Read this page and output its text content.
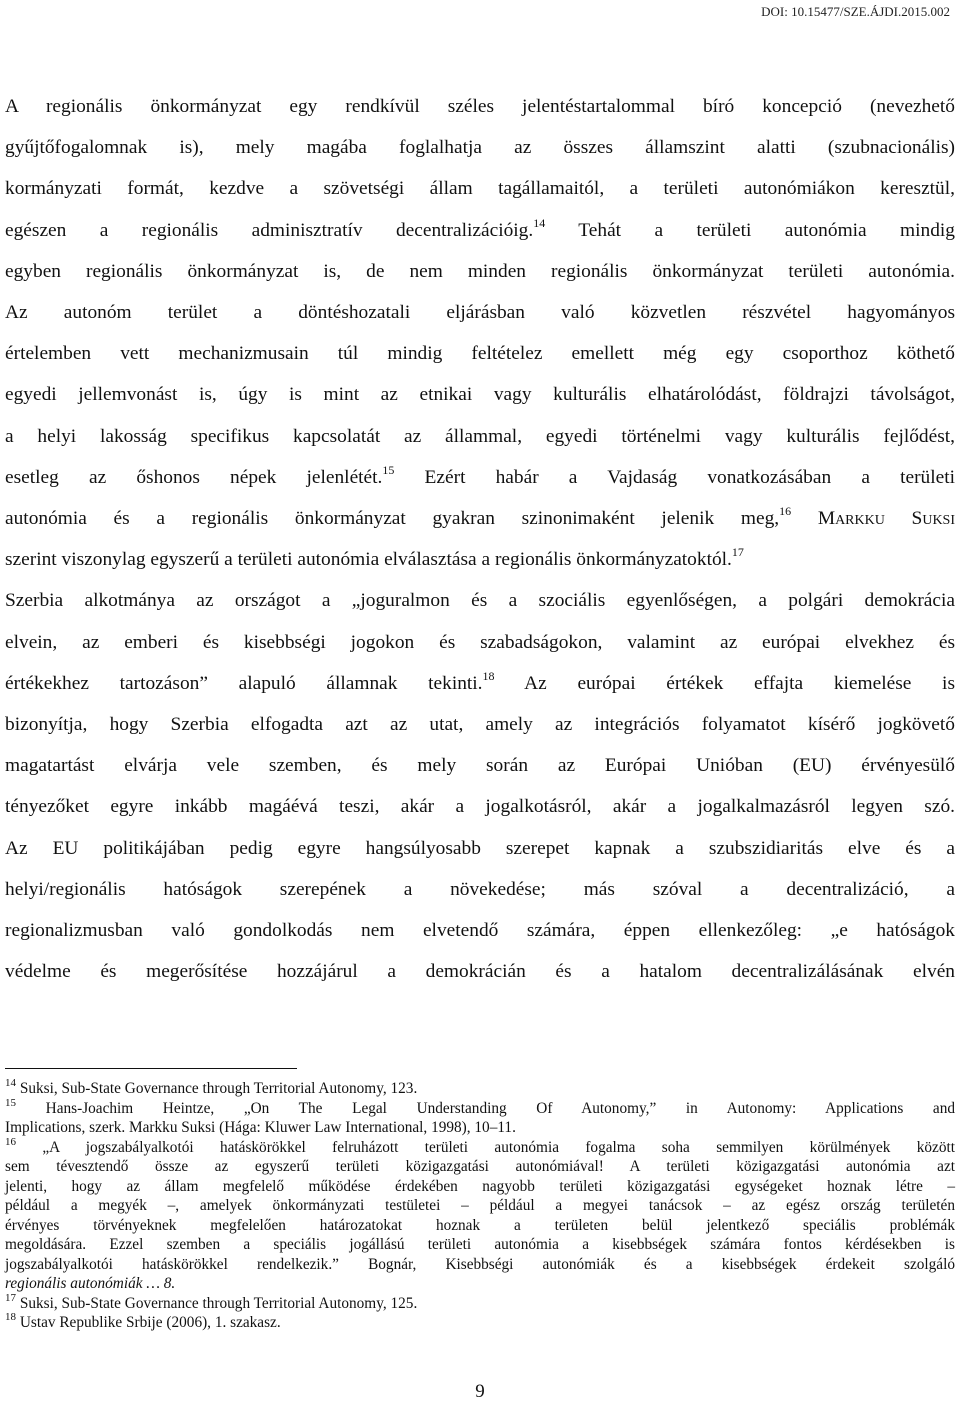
DOI: 10.15477/SZE.ÁJDI.2015.002

A regionális önkormányzat egy rendkívül széles jelentéstartalommal bíró koncepció (nevezhető
gyűjtőfogalomnak is), mely magába foglalhatja az összes államszint alatti (szubnacionális)
kormányzati formát, kezdve a szövetségi állam tagállamaitól, a területi autonómiákon keresztül,
egészen a regionális adminisztratív decentralizációig.$^{14}$ Tehát a területi autonómia mindig
egyben regionális önkormányzat is, de nem minden regionális önkormányzat területi autonómia.
Az autonóm terület a döntéshozatali eljárásban való közvetlen részvétel hagyományos
értelemben vett mechanizmusain túl mindig feltételez emellett még egy csoporthoz köthető
egyedi jellemvonást is, úgy is mint az etnikai vagy kulturális elhatárolódást, földrajzi távolságot,
a helyi lakosság specifikus kapcsolatát az állammal, egyedi történelmi vagy kulturális fejlődést,
esetleg az őshonos népek jelenlétét.$^{15}$ Ezért habár a Vajdaság vonatkozásában a területi
autonómia és a regionális önkormányzat gyakran szinonimaként jelenik meg,$^{16}$ Markku Suksi
szerint viszonylag egyszerű a területi autonómia elválasztása a regionális önkormányzatoktól.$^{17}$

Szerbia alkotmánya az országot a „joguralmon és a szociális egyenlőségen, a polgári demokrácia
elvein, az emberi és kisebbségi jogokon és szabadságokon, valamint az európai elvekhez és
értékekhez tartozáson” alapuló államnak tekinti.$^{18}$ Az európai értékek effajta kiemelése is
bizonyítja, hogy Szerbia elfogadta azt az utat, amely az integrációs folyamatot kísérő jogkövető
magatartást elvárja vele szemben, és mely során az Európai Unióban (EU) érvényesülő
tényezőket egyre inkább magáévá teszi, akár a jogalkotásról, akár a jogalkalmazásról legyen szó.
Az EU politikájában pedig egyre hangsúlyosabb szerepet kapnak a szubszidiaritás elve és a
helyi/regionális hatóságok szerepének a növekedése; más szóval a decentralizáció, a
regionalizmusban való gondolkodás nem elvetendő számára, éppen ellenkezőleg: „e hatóságok
védelme és megerősítése hozzájárul a demokrácián és a hatalom decentralizálásának elvén

$^{14}$ Suksi, Sub-State Governance through Territorial Autonomy, 123.
$^{15}$ Hans-Joachim Heintze, „On The Legal Understanding Of Autonomy,” in Autonomy: Applications and
Implications, szerk. Markku Suksi (Hága: Kluwer Law International, 1998), 10‒11.
$^{16}$ „A jogszabályalkotói hatáskörökkel felruházott területi autonómia fogalma soha semmilyen körülmények között
sem tévesztendő össze az egyszerű területi közigazgatási autonómiával! A területi közigazgatási autonómia azt
jelenti, hogy az állam megfelelő működése érdekében nagyobb területi közigazgatási egységeket hoznak létre –
például a megyék –, amelyek önkormányzati testületei – például a megyei tanácsok – az egész ország területén
érvényes törvényeknek megfelelően határozatokat hoznak a területen belül jelentkező speciális problémák
megoldására. Ezzel szemben a speciális jogállású területi autonómia a kisebbségek számára fontos kérdésekben is
jogszabályalkotói hatáskörökkel rendelkezik.” Bognár, Kisebbségi autonómiák és a kisebbségek érdekeit szolgáló
regionális autonómiák … 8.
$^{17}$ Suksi, Sub-State Governance through Territorial Autonomy, 125.
$^{18}$ Ustav Republike Srbije (2006), 1. szakasz.
9
